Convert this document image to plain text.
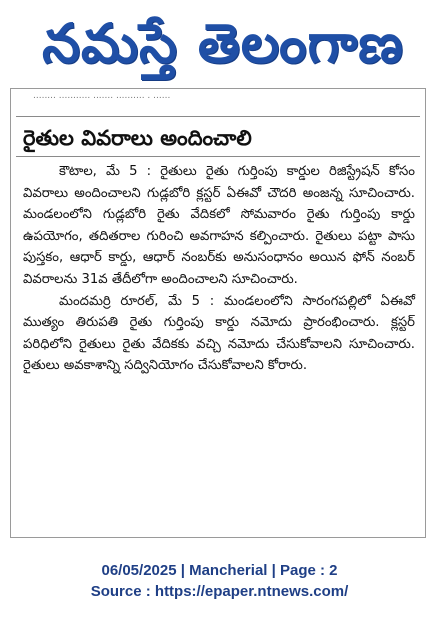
నమస్తే తెలంగాణ
........ ........... ....... .......... . ......
రైతుల వివరాలు అందించాలి

కౌటాల, మే 5 : రైతులు రైతు గుర్తింపు కార్డుల రిజిస్ట్రేషన్ కోసం వివరాలు అందించాలని గుడ్లబోరి క్లస్టర్ ఏఈవో చౌదరి అంజన్న సూచించారు. మండలంలోని గుడ్లబోరి రైతు వేదికలో సోమవారం రైతు గుర్తింపు కార్డు ఉపయోగం, తదితరాల గురించి అవగాహన కల్పించారు. రైతులు పట్టా పాసు పుస్తకం, ఆధార్ కార్డు, ఆధార్ నంబర్‌కు అనుసంధానం అయిన ఫోన్ నంబర్ వివరాలను 31వ తేదీలోగా అందించాలని సూచించారు.

మందమర్రి రూరల్, మే 5 : మండలంలోని సారంగపల్లిలో ఏఈవో ముత్యం తిరుపతి రైతు గుర్తింపు కార్డు నమోదు ప్రారంభించారు. క్లస్టర్ పరిధిలోని రైతులు రైతు వేదికకు వచ్చి నమోదు చేసుకోవాలని సూచించారు. రైతులు అవకాశాన్ని సద్వినియోగం చేసుకోవాలని కోరారు.

06/05/2025 | Mancherial | Page : 2
Source : https://epaper.ntnews.com/
